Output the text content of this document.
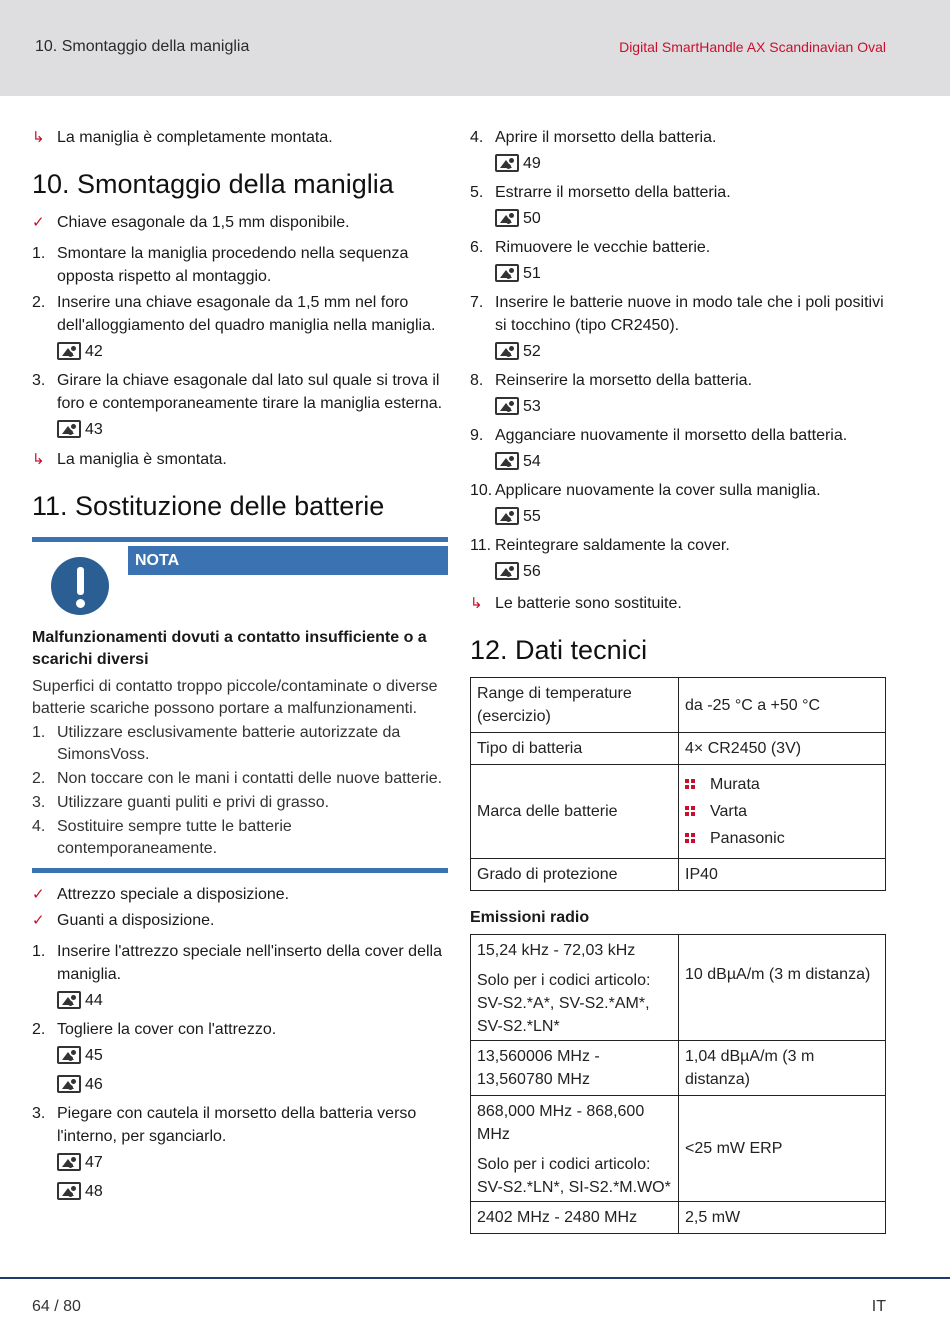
10. Smontaggio della maniglia	Digital SmartHandle AX Scandinavian Oval
↳ La maniglia è completamente montata.
10. Smontaggio della maniglia
✓ Chiave esagonale da 1,5 mm disponibile.
1. Smontare la maniglia procedendo nella sequenza opposta rispetto al montaggio.
2. Inserire una chiave esagonale da 1,5 mm nel foro dell'alloggiamento del quadro maniglia nella maniglia.
42
3. Girare la chiave esagonale dal lato sul quale si trova il foro e contemporaneamente tirare la maniglia esterna.
43
↳ La maniglia è smontata.
11. Sostituzione delle batterie
NOTA
Malfunzionamenti dovuti a contatto insufficiente o a scarichi diversi
Superfici di contatto troppo piccole/contaminate o diverse batterie scariche possono portare a malfunzionamenti.
1. Utilizzare esclusivamente batterie autorizzate da SimonsVoss.
2. Non toccare con le mani i contatti delle nuove batterie.
3. Utilizzare guanti puliti e privi di grasso.
4. Sostituire sempre tutte le batterie contemporaneamente.
✓ Attrezzo speciale a disposizione.
✓ Guanti a disposizione.
1. Inserire l'attrezzo speciale nell'inserto della cover della maniglia.
44
2. Togliere la cover con l'attrezzo.
45
46
3. Piegare con cautela il morsetto della batteria verso l'interno, per sganciarlo.
47
48
4. Aprire il morsetto della batteria.
49
5. Estrarre il morsetto della batteria.
50
6. Rimuovere le vecchie batterie.
51
7. Inserire le batterie nuove in modo tale che i poli positivi si tocchino (tipo CR2450).
52
8. Reinserire la morsetto della batteria.
53
9. Agganciare nuovamente il morsetto della batteria.
54
10. Applicare nuovamente la cover sulla maniglia.
55
11. Reintegrare saldamente la cover.
56
↳ Le batterie sono sostituite.
12. Dati tecnici
Range di temperature (esercizio)	da -25 °C a +50 °C
Tipo di batteria	4× CR2450 (3V)
Marca delle batterie	Murata
Varta
Panasonic

Grado di protezione	IP40
Emissioni radio
15,24 kHz - 72,03 kHz
Solo per i codici articolo: SV-S2.*A*, SV-S2.*AM*, SV-S2.*LN*	10 dBµA/m (3 m distanza)
13,560006 MHz - 13,560780 MHz	1,04 dBµA/m (3 m distanza)

868,000 MHz - 868,600 MHz
Solo per i codici articolo: SV-S2.*LN*, SI-S2.*M.WO*	<25 mW ERP
2402 MHz - 2480 MHz	2,5 mW
64 / 80	IT
